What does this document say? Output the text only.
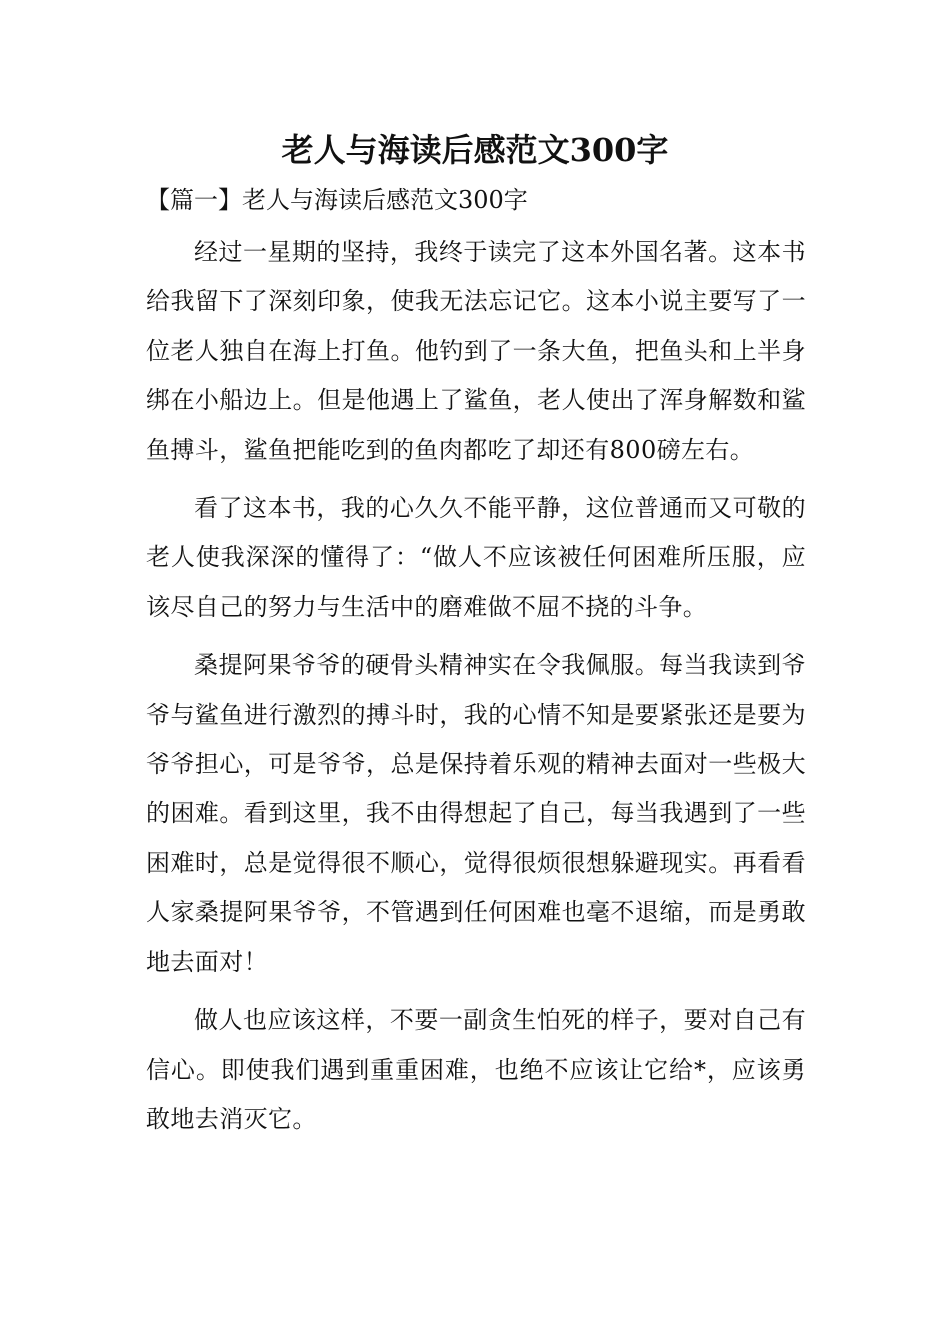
老人与海读后感范文300字

【篇一】老人与海读后感范文300字

经过一星期的坚持，我终于读完了这本外国名著。这本书给我留下了深刻印象，使我无法忘记它。这本小说主要写了一位老人独自在海上打鱼。他钓到了一条大鱼，把鱼头和上半身绑在小船边上。但是他遇上了鲨鱼，老人使出了浑身解数和鲨鱼搏斗，鲨鱼把能吃到的鱼肉都吃了却还有800磅左右。

看了这本书，我的心久久不能平静，这位普通而又可敬的老人使我深深的懂得了：“做人不应该被任何困难所压服，应该尽自己的努力与生活中的磨难做不屈不挠的斗争。

桑提阿果爷爷的硬骨头精神实在令我佩服。每当我读到爷爷与鲨鱼进行激烈的搏斗时，我的心情不知是要紧张还是要为爷爷担心，可是爷爷，总是保持着乐观的精神去面对一些极大的困难。看到这里，我不由得想起了自己，每当我遇到了一些困难时，总是觉得很不顺心，觉得很烦很想躲避现实。再看看人家桑提阿果爷爷，不管遇到任何困难也毫不退缩，而是勇敢地去面对！

做人也应该这样，不要一副贪生怕死的样子，要对自己有信心。即使我们遇到重重困难，也绝不应该让它给*，应该勇敢地去消灭它。
